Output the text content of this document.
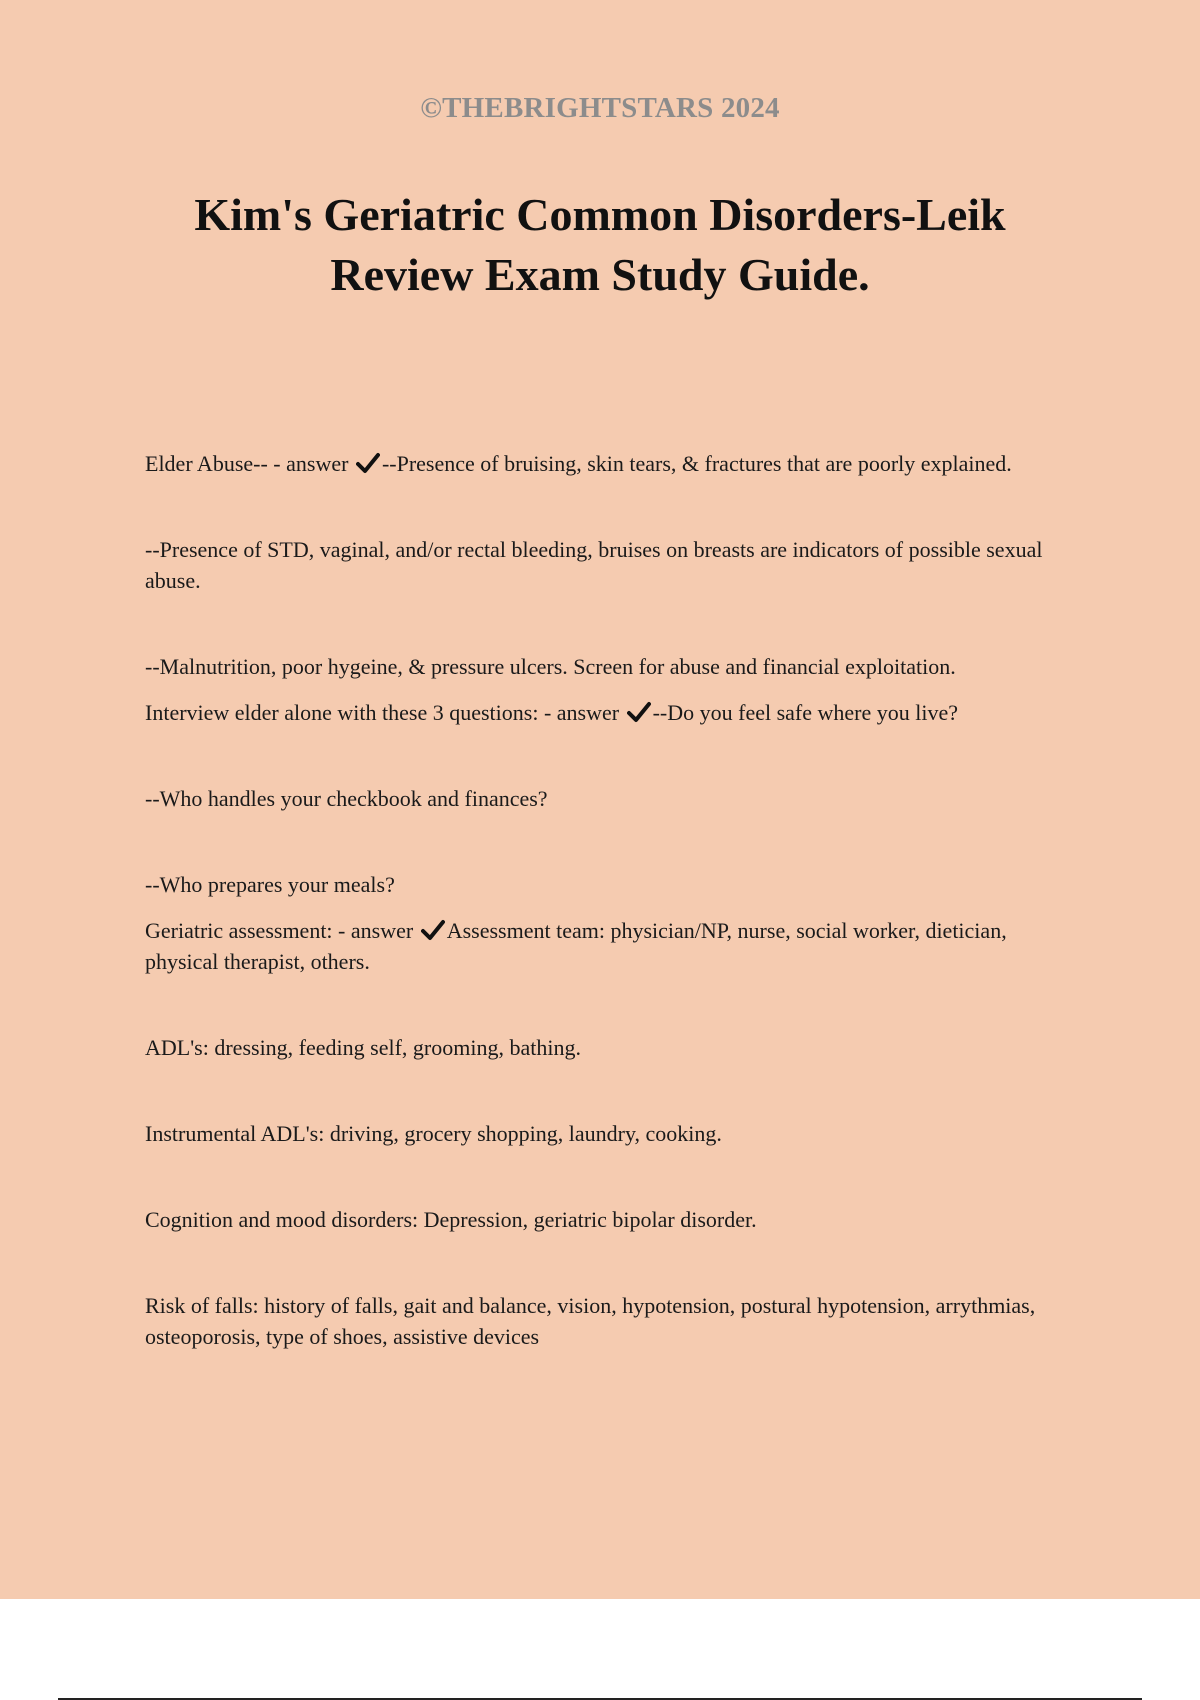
©THEBRIGHTSTARS 2024
Kim's Geriatric Common Disorders-Leik
Review Exam Study Guide.

Elder Abuse-- - answer --Presence of bruising, skin tears, & fractures that are poorly explained.

--Presence of STD, vaginal, and/or rectal bleeding, bruises on breasts are indicators of possible sexual abuse.

--Malnutrition, poor hygeine, & pressure ulcers. Screen for abuse and financial exploitation.

Interview elder alone with these 3 questions: - answer --Do you feel safe where you live?

--Who handles your checkbook and finances?

--Who prepares your meals?

Geriatric assessment: - answer Assessment team: physician/NP, nurse, social worker, dietician, physical therapist, others.

ADL's: dressing, feeding self, grooming, bathing.

Instrumental ADL's: driving, grocery shopping, laundry, cooking.

Cognition and mood disorders: Depression, geriatric bipolar disorder.

Risk of falls: history of falls, gait and balance, vision, hypotension, postural hypotension, arrythmias, osteoporosis, type of shoes, assistive devices
